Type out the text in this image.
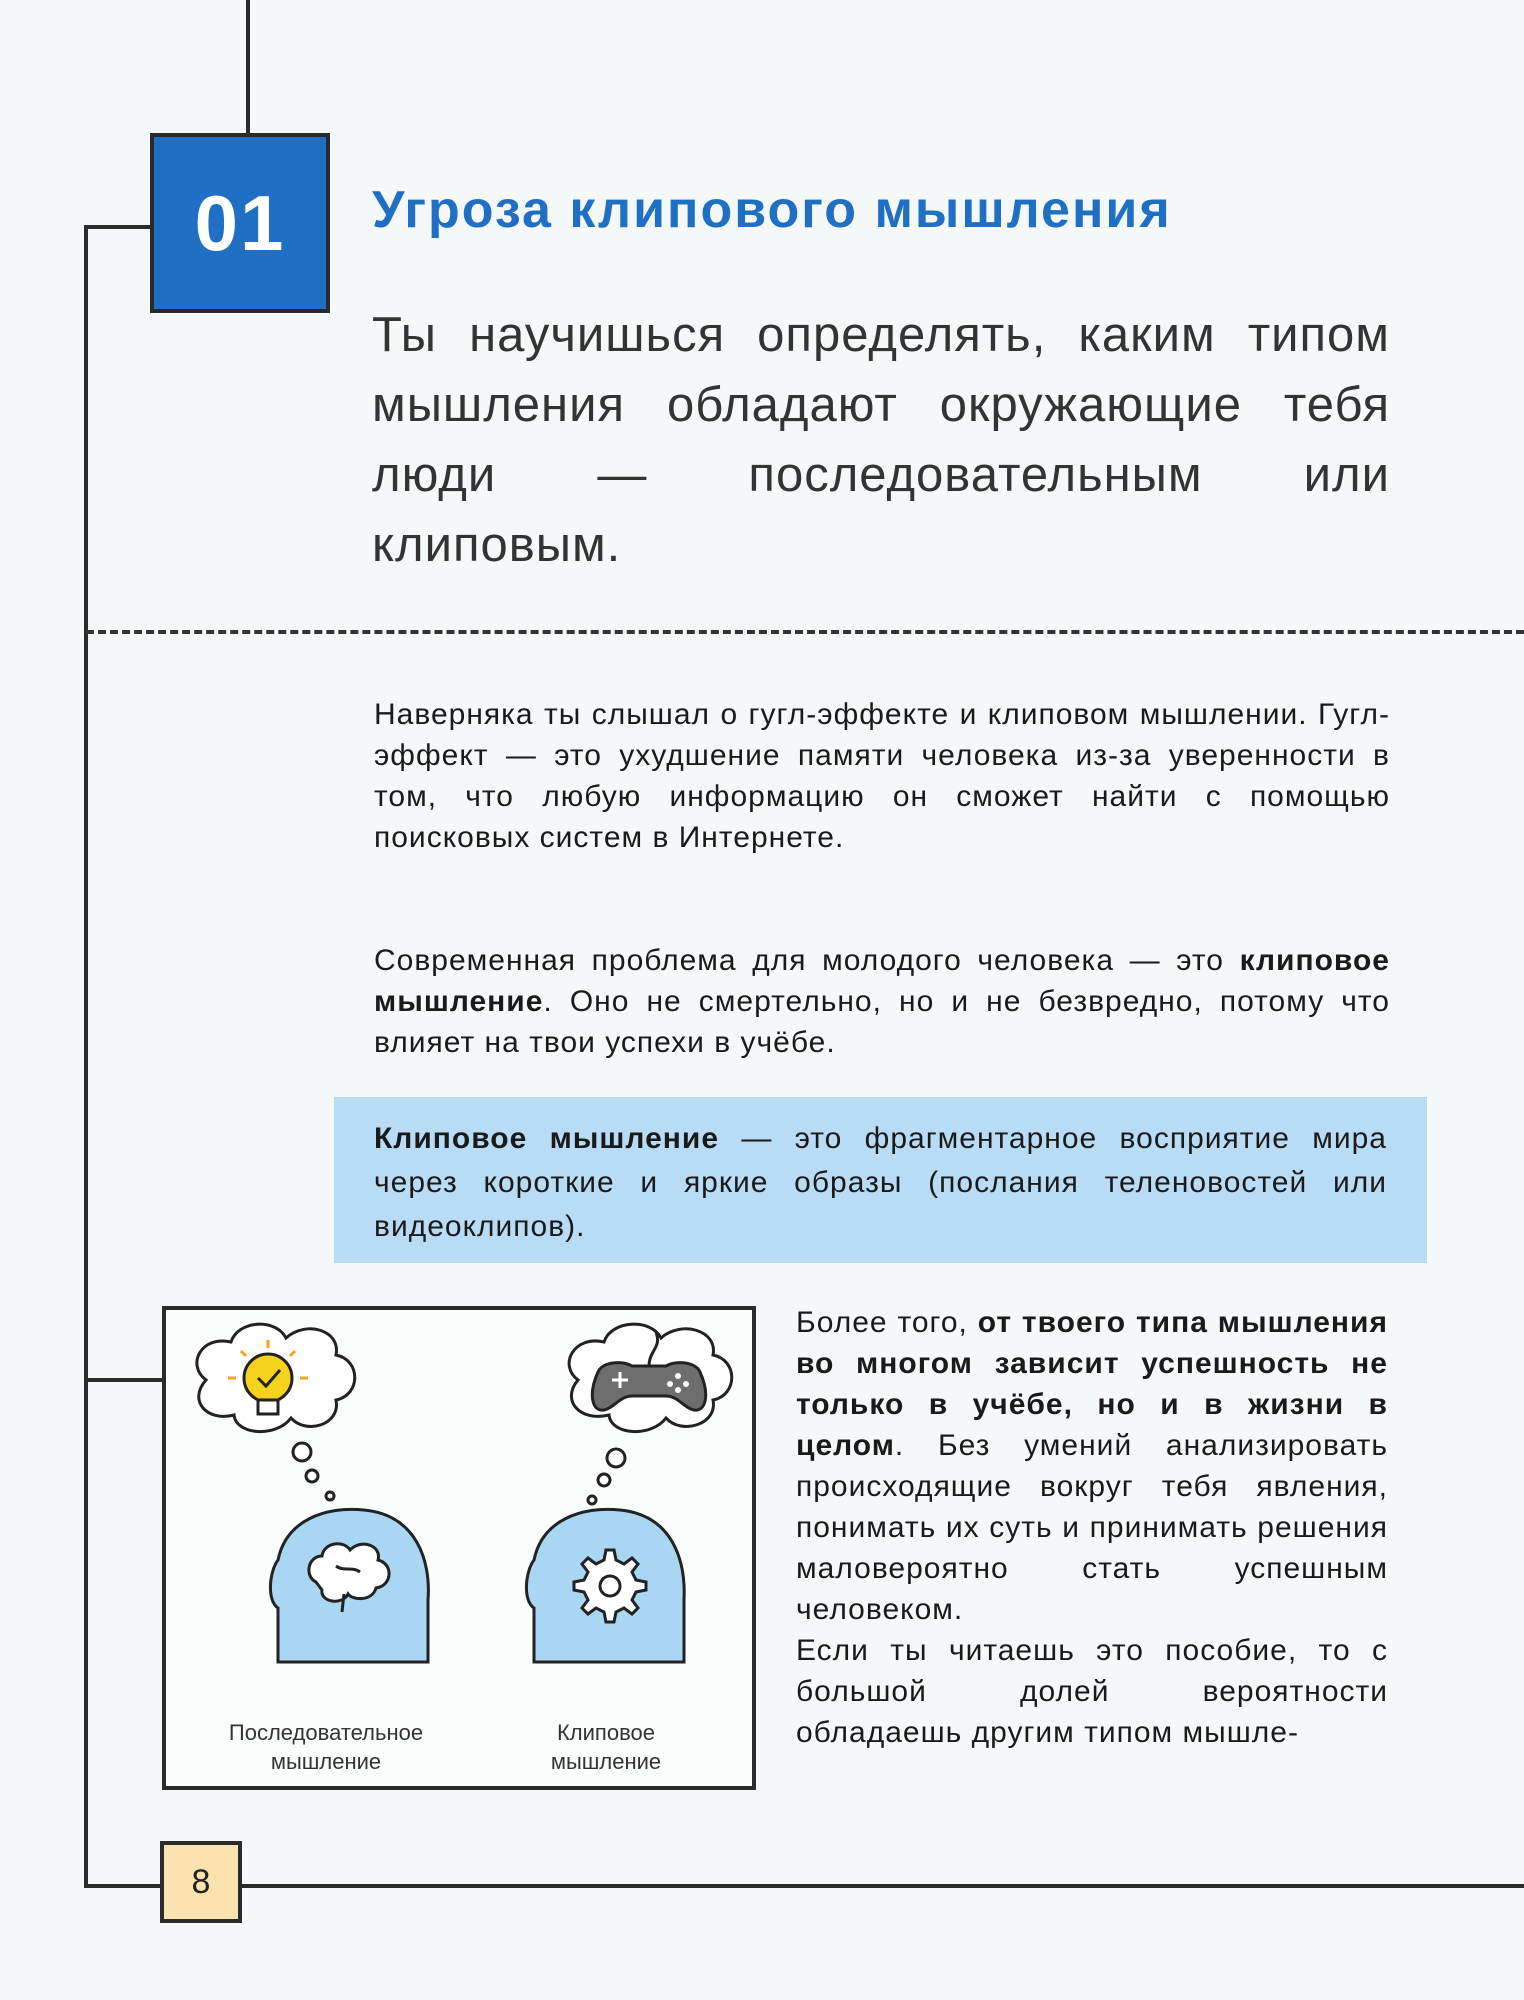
01	Угроза клипового мышления
Ты научишься определять, каким типом мышления обладают окружающие тебя люди — последовательным или клиповым.

Наверняка ты слышал о гугл-эффекте и клиповом мышлении. Гугл-эффект — это ухудшение памяти человека из-за уверенности в том, что любую информацию он сможет найти с помощью поисковых систем в Интернете.

Современная проблема для молодого человека — это клиповое мышление. Оно не смертельно, но и не безвредно, потому что влияет на твои успехи в учёбе.

Клиповое мышление — это фрагментарное восприятие мира через короткие и яркие образы (послания теленовостей или видеоклипов).

Последовательное
мышление
Клиповое
мышление

Более того, от твоего типа мышления во многом зависит успешность не только в учёбе, но и в жизни в целом. Без умений анализировать происходящие вокруг тебя явления, понимать их суть и принимать решения маловероятно стать успешным человеком.

Если ты читаешь это пособие, то с большой долей вероятности обладаешь другим типом мышле-

8
